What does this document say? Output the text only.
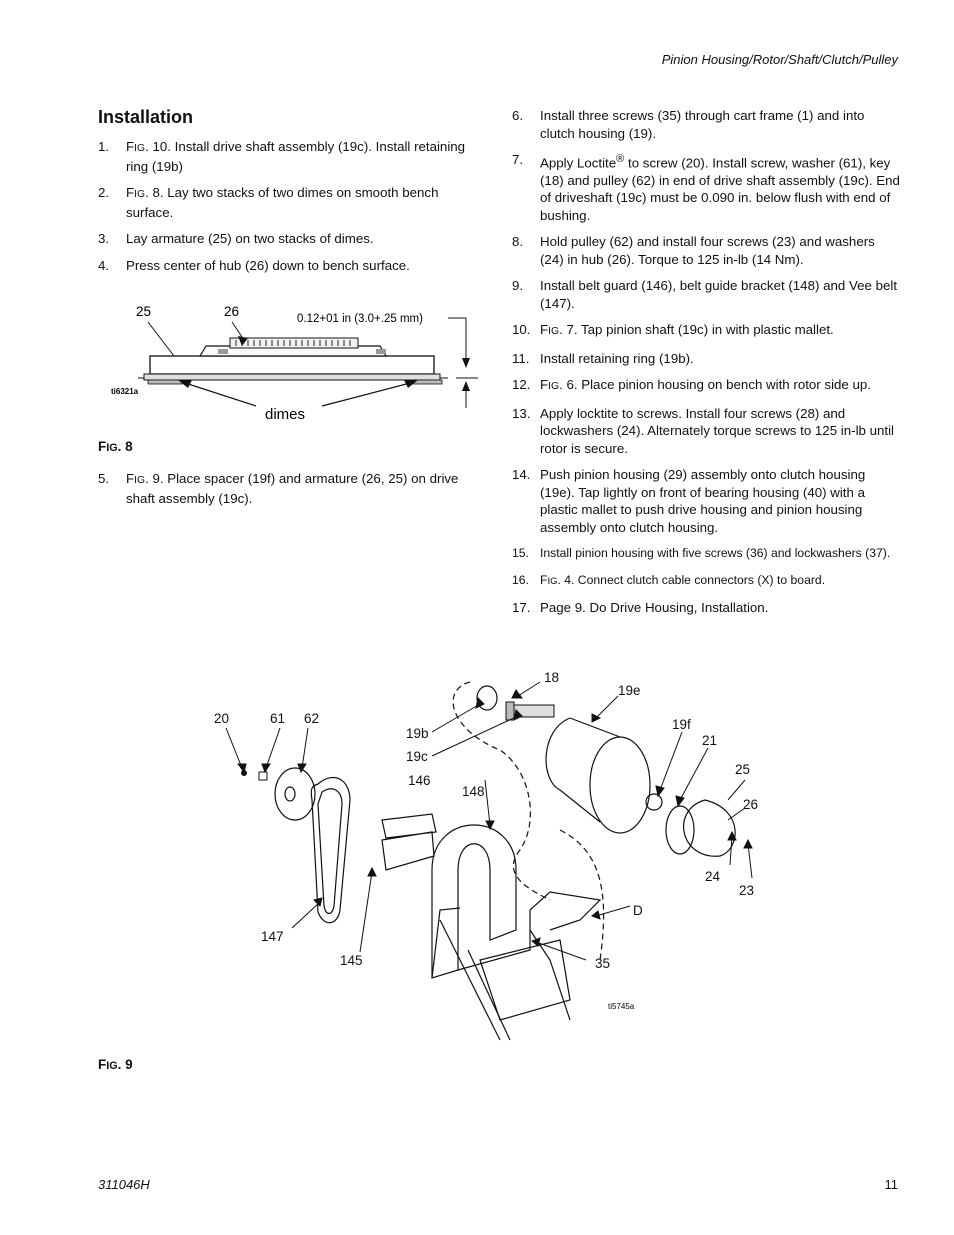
Pinion Housing/Rotor/Shaft/Clutch/Pulley
Installation
1. FIG. 10. Install drive shaft assembly (19c). Install retaining ring (19b)
2. FIG. 8. Lay two stacks of two dimes on smooth bench surface.
3. Lay armature (25) on two stacks of dimes.
4. Press center of hub (26) down to bench surface.
25	26	0.12+01 in (3.0+.25 mm)
dimes
ti6321a
FIG. 8
5. FIG. 9. Place spacer (19f) and armature (26, 25) on drive shaft assembly (19c).
6. Install three screws (35) through cart frame (1) and into clutch housing (19).
7. Apply Loctite® to screw (20). Install screw, washer (61), key (18) and pulley (62) in end of drive shaft assembly (19c). End of driveshaft (19c) must be 0.090 in. below flush with end of bushing.
8. Hold pulley (62) and install four screws (23) and washers (24) in hub (26). Torque to 125 in-lb (14 Nm).
9. Install belt guard (146), belt guide bracket (148) and Vee belt (147).
10. FIG. 7. Tap pinion shaft (19c) in with plastic mallet.
11. Install retaining ring (19b).
12. FIG. 6. Place pinion housing on bench with rotor side up.
13. Apply locktite to screws. Install four screws (28) and lockwashers (24). Alternately torque screws to 125 in-lb until rotor is secure.
14. Push pinion housing (29) assembly onto clutch housing (19e). Tap lightly on front of bearing housing (40) with a plastic mallet to push drive housing and pinion housing assembly onto clutch housing.
15. Install pinion housing with five screws (36) and lockwashers (37).
16. FIG. 4. Connect clutch cable connectors (X) to board.
17. Page 9. Do Drive Housing, Installation.
18
19e
20	61 62
19b
19c
19f
21
25
146
148
26
24
23
D
147
35
145
ti5745a
FIG. 9
311046H	11
